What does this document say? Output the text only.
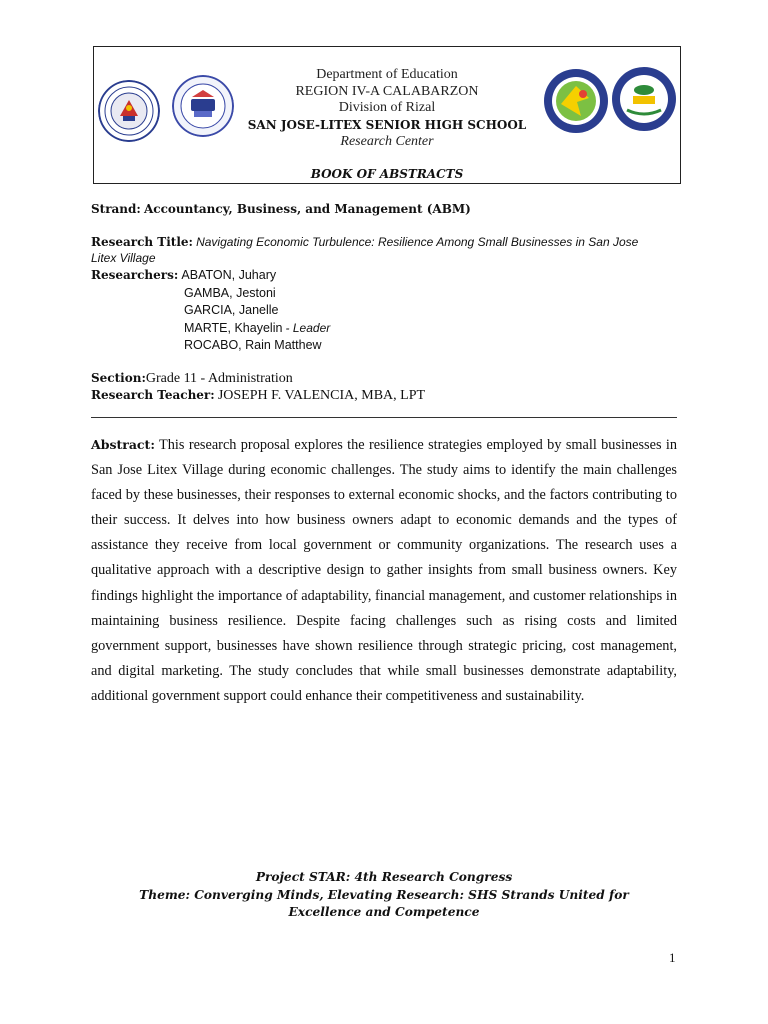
Department of Education
REGION IV-A CALABARZON
Division of Rizal
SAN JOSE-LITEX SENIOR HIGH SCHOOL
Research Center
BOOK OF ABSTRACTS
Strand: Accountancy, Business, and Management (ABM)
Research Title: Navigating Economic Turbulence: Resilience Among Small Businesses in San Jose
Litex Village
Researchers: ABATON, Juhary
GAMBA, Jestoni
GARCIA, Janelle
MARTE, Khayelin - Leader
ROCABO, Rain Matthew
Section:Grade 11 - Administration
Research Teacher: JOSEPH F. VALENCIA, MBA, LPT
Abstract: This research proposal explores the resilience strategies employed by small businesses in San Jose Litex Village during economic challenges. The study aims to identify the main challenges faced by these businesses, their responses to external economic shocks, and the factors contributing to their success. It delves into how business owners adapt to economic demands and the types of assistance they receive from local government or community organizations. The research uses a qualitative approach with a descriptive design to gather insights from small business owners. Key findings highlight the importance of adaptability, financial management, and customer relationships in maintaining business resilience. Despite facing challenges such as rising costs and limited government support, businesses have shown resilience through strategic pricing, cost management, and digital marketing. The study concludes that while small businesses demonstrate adaptability, additional government support could enhance their competitiveness and sustainability.
Project STAR: 4th Research Congress
Theme: Converging Minds, Elevating Research: SHS Strands United for
Excellence and Competence
1
